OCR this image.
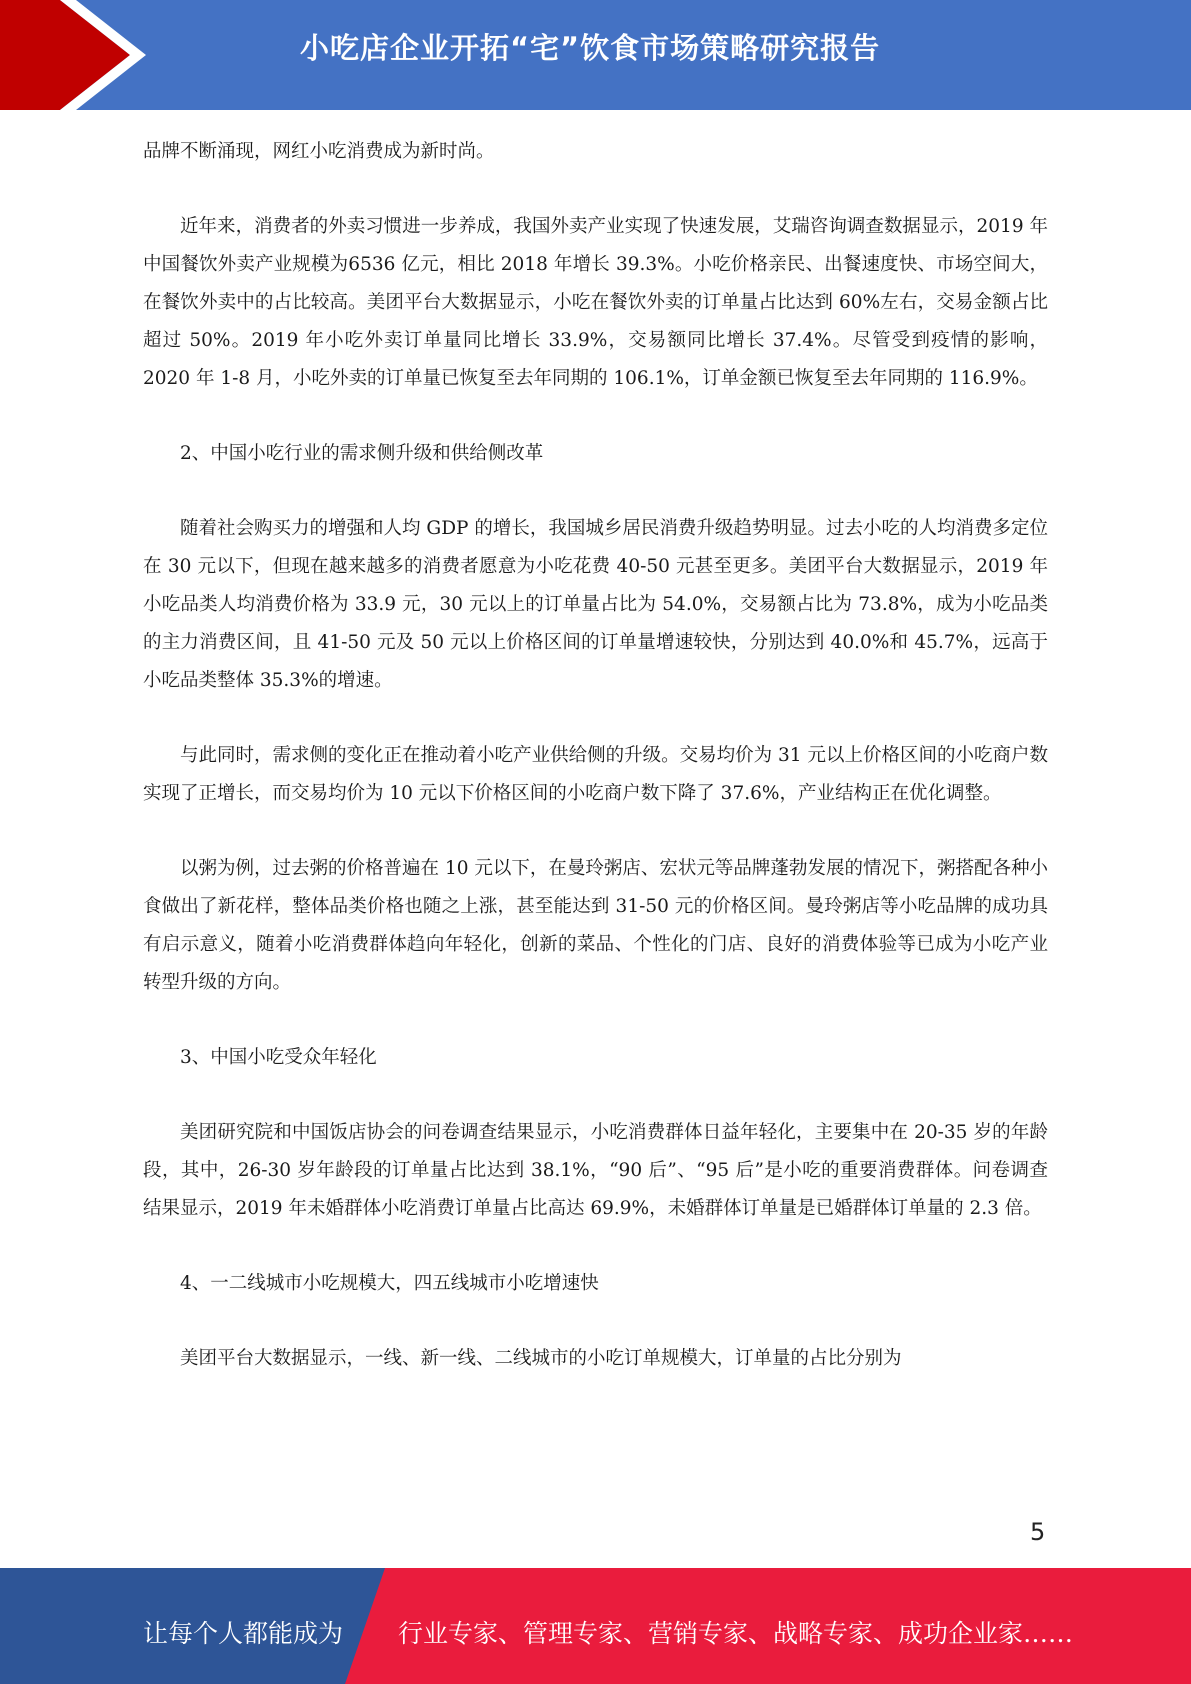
小吃店企业开拓“宅”饮食市场策略研究报告

品牌不断涌现，网红小吃消费成为新时尚。

近年来，消费者的外卖习惯进一步养成，我国外卖产业实现了快速发展，艾瑞咨询调查数据显示，2019 年中国餐饮外卖产业规模为6536 亿元，相比 2018 年增长 39.3%。小吃价格亲民、出餐速度快、市场空间大，在餐饮外卖中的占比较高。美团平台大数据显示，小吃在餐饮外卖的订单量占比达到 60%左右，交易金额占比超过 50%。2019 年小吃外卖订单量同比增长 33.9%，交易额同比增长 37.4%。尽管受到疫情的影响，2020 年 1-8 月，小吃外卖的订单量已恢复至去年同期的 106.1%，订单金额已恢复至去年同期的 116.9%。

2、中国小吃行业的需求侧升级和供给侧改革

随着社会购买力的增强和人均 GDP 的增长，我国城乡居民消费升级趋势明显。过去小吃的人均消费多定位在 30 元以下，但现在越来越多的消费者愿意为小吃花费 40-50 元甚至更多。美团平台大数据显示，2019 年小吃品类人均消费价格为 33.9 元，30 元以上的订单量占比为 54.0%，交易额占比为 73.8%，成为小吃品类的主力消费区间，且 41-50 元及 50 元以上价格区间的订单量增速较快，分别达到 40.0%和 45.7%，远高于小吃品类整体 35.3%的增速。

与此同时，需求侧的变化正在推动着小吃产业供给侧的升级。交易均价为 31 元以上价格区间的小吃商户数实现了正增长，而交易均价为 10 元以下价格区间的小吃商户数下降了 37.6%，产业结构正在优化调整。

以粥为例，过去粥的价格普遍在 10 元以下，在曼玲粥店、宏状元等品牌蓬勃发展的情况下，粥搭配各种小食做出了新花样，整体品类价格也随之上涨，甚至能达到 31-50 元的价格区间。曼玲粥店等小吃品牌的成功具有启示意义，随着小吃消费群体趋向年轻化，创新的菜品、个性化的门店、良好的消费体验等已成为小吃产业转型升级的方向。

3、中国小吃受众年轻化

美团研究院和中国饭店协会的问卷调查结果显示，小吃消费群体日益年轻化，主要集中在 20-35 岁的年龄段，其中，26-30 岁年龄段的订单量占比达到 38.1%，“90 后”、“95 后”是小吃的重要消费群体。问卷调查结果显示，2019 年未婚群体小吃消费订单量占比高达 69.9%，未婚群体订单量是已婚群体订单量的 2.3 倍。

4、一二线城市小吃规模大，四五线城市小吃增速快

美团平台大数据显示，一线、新一线、二线城市的小吃订单规模大，订单量的占比分别为

5
让每个人都能成为 行业专家、管理专家、营销专家、战略专家、成功企业家……
